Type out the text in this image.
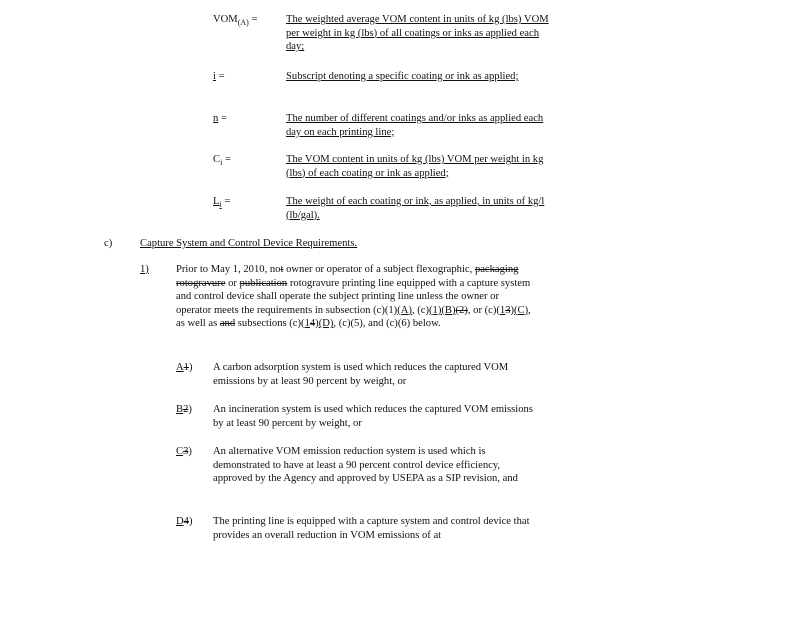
$VOM_{(A)}$ =	The weighted average VOM content in units of kg (lbs) VOM per weight in kg (lbs) of all coatings or inks as applied each day;
i =	Subscript denoting a specific coating or ink as applied;
n =	The number of different coatings and/or inks as applied each day on each printing line;
$C_i$ =	The VOM content in units of kg (lbs) VOM per weight in kg (lbs) of each coating or ink as applied;
$L_i$ =	The weight of each coating or ink, as applied, in units of kg/l (lb/gal).
c)	Capture System and Control Device Requirements.
1)	Prior to May 1, 2010, not owner or operator of a subject flexographic, packaging rotogravure or publication rotogravure printing line equipped with a capture system and control device shall operate the subject printing line unless the owner or operator meets the requirements in subsection (c)(1)(A), (c)(1)(B)(2), or (c)(13)(C), as well as and subsections (c)(14)(D), (c)(5), and (c)(6) below.
A1)	A carbon adsorption system is used which reduces the captured VOM emissions by at least 90 percent by weight, or
B2)	An incineration system is used which reduces the captured VOM emissions by at least 90 percent by weight, or
C3)	An alternative VOM emission reduction system is used which is demonstrated to have at least a 90 percent control device efficiency, approved by the Agency and approved by USEPA as a SIP revision, and
D4)	The printing line is equipped with a capture system and control device that provides an overall reduction in VOM emissions of at
